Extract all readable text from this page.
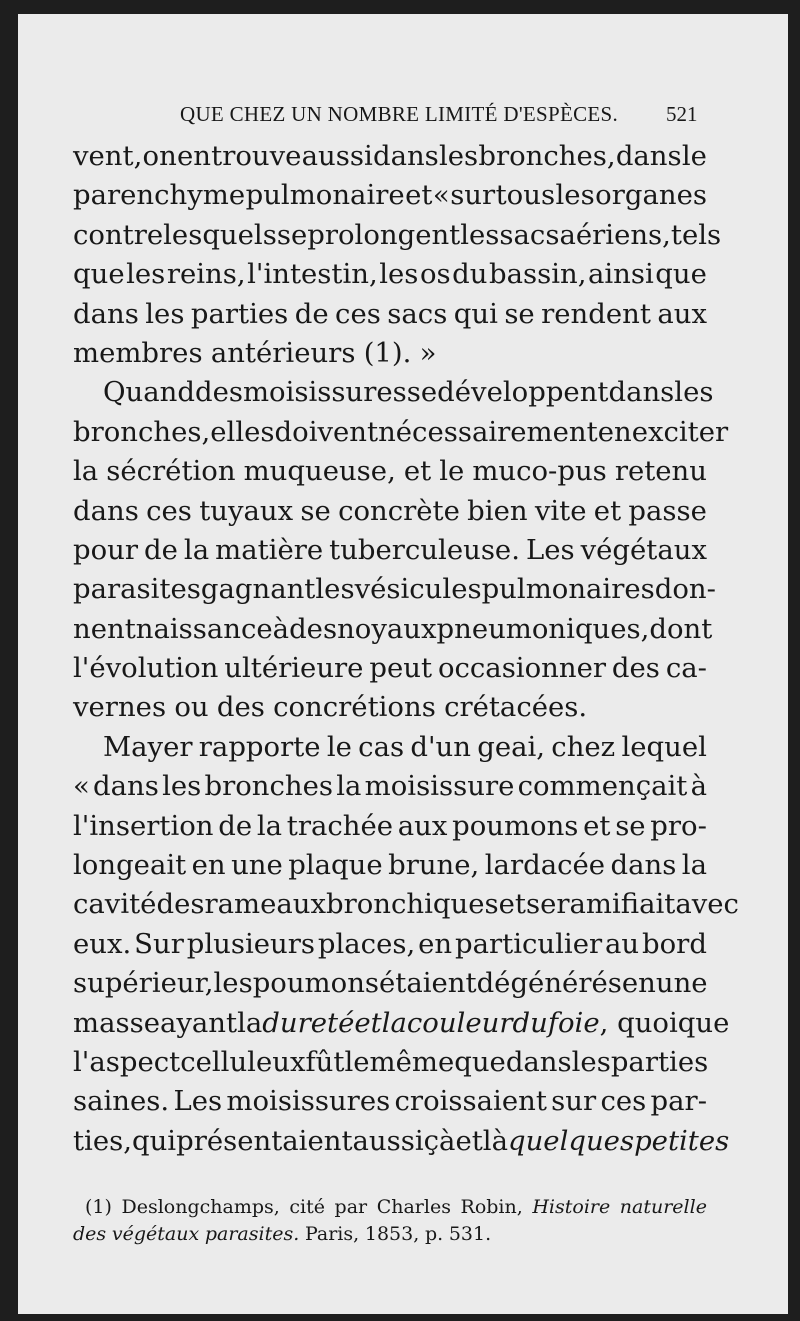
QUE CHEZ UN NOMBRE LIMITÉ D'ESPÈCES. 521
vent, on en trouve aussi dans les bronches, dans le
parenchyme pulmonaire et « sur tous les organes
contre lesquels se prolongent les sacs aériens, tels
que les reins, l'intestin, les os du bassin, ainsi que
dans les parties de ces sacs qui se rendent aux
membres antérieurs (1). »
Quand des moisissures se développent dans les
bronches, elles doivent nécessairement en exciter
la sécrétion muqueuse, et le muco-pus retenu
dans ces tuyaux se concrète bien vite et passe
pour de la matière tuberculeuse. Les végétaux
parasites gagnant les vésicules pulmonaires don-
nent naissance à des noyaux pneumoniques, dont
l'évolution ultérieure peut occasionner des ca-
vernes ou des concrétions crétacées.
Mayer rapporte le cas d'un geai, chez lequel
« dans les bronches la moisissure commençait à
l'insertion de la trachée aux poumons et se pro-
longeait en une plaque brune, lardacée dans la
cavité des rameaux bronchiques et se ramifiait avec
eux. Sur plusieurs places, en particulier au bord
supérieur, les poumons étaient dégénérés en une
masse ayant la dureté et la couleur du foie , quoique
l'aspect celluleux fût le même que dans les parties
saines. Les moisissures croissaient sur ces par-
ties, qui présentaient aussi çà et là quelques petites
(1) Deslongchamps, cité par Charles Robin, Histoire naturelle
des végétaux parasites. Paris, 1853, p. 531.
